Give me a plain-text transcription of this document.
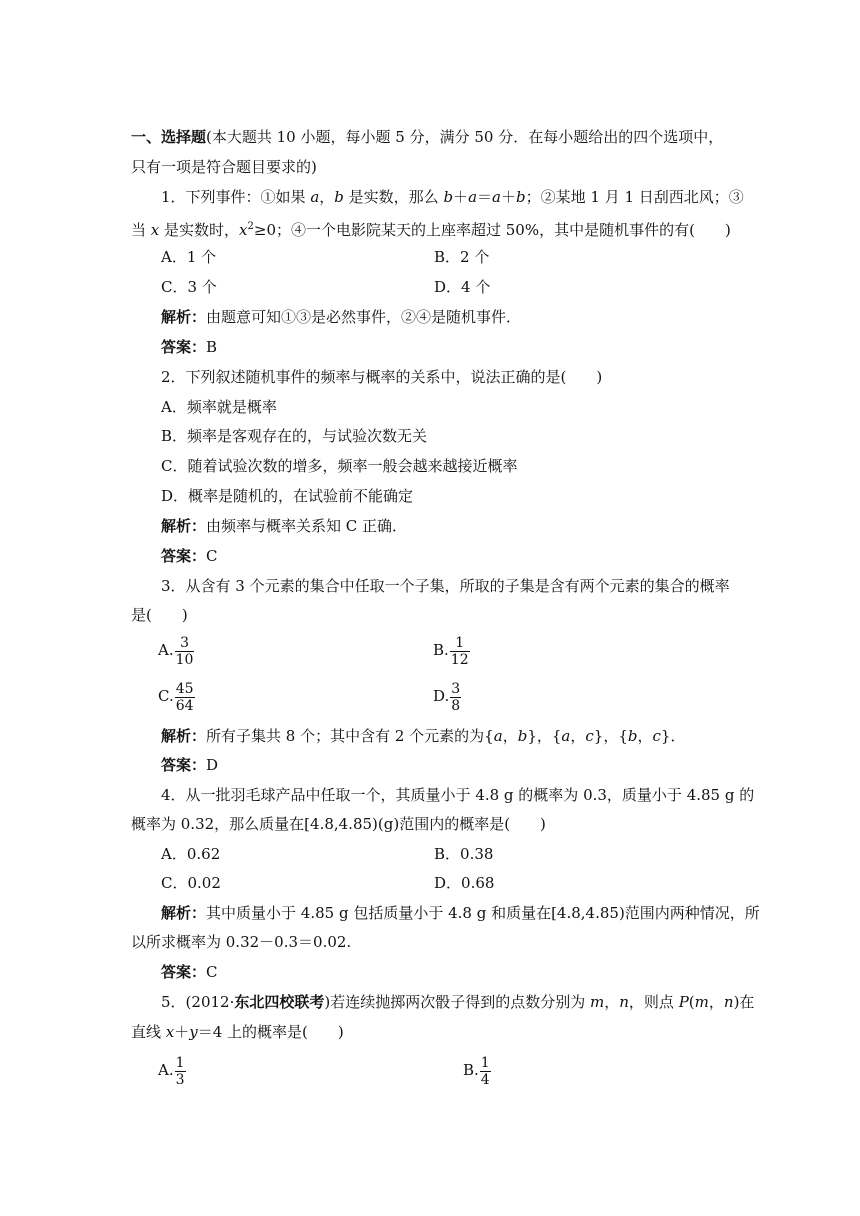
一、选择题(本大题共 10 小题，每小题 5 分，满分 50 分．在每小题给出的四个选项中，
只有一项是符合题目要求的)
1．下列事件：①如果 a，b 是实数，那么 b＋a＝a＋b；②某地 1 月 1 日刮西北风；③
当 x 是实数时，$x^2\ge 0$；④一个电影院某天的上座率超过 50%，其中是随机事件的有(　　)
A．1 个	B．2 个
C．3 个	D．4 个
解析：由题意可知①③是必然事件，②④是随机事件．
答案：B
2．下列叙述随机事件的频率与概率的关系中，说法正确的是(　　)
A．频率就是概率
B．频率是客观存在的，与试验次数无关
C．随着试验次数的增多，频率一般会越来越接近概率
D．概率是随机的，在试验前不能确定
解析：由频率与概率关系知 C 正确．
答案：C
3．从含有 3 个元素的集合中任取一个子集，所取的子集是含有两个元素的集合的概率
是(　　)
A. $\frac{3}{10}$	B. $\frac{1}{12}$
C. $\frac{45}{64}$	D. $\frac{3}{8}$
解析：所有子集共 8 个；其中含有 2 个元素的为{a，b}，{a，c}，{b，c}．
答案：D
4．从一批羽毛球产品中任取一个，其质量小于 4.8 g 的概率为 0.3，质量小于 4.85 g 的
概率为 0.32，那么质量在[4.8,4.85)(g)范围内的概率是(　　)
A．0.62	B．0.38
C．0.02	D．0.68
解析：其中质量小于 4.85 g 包括质量小于 4.8 g 和质量在[4.8,4.85)范围内两种情况，所
以所求概率为 0.32－0.3＝0.02.
答案：C
5．(2012·东北四校联考)若连续抛掷两次骰子得到的点数分别为 m，n，则点 P(m，n)在
直线 x＋y＝4 上的概率是(　　)
A. $\frac{1}{3}$	B. $\frac{1}{4}$
